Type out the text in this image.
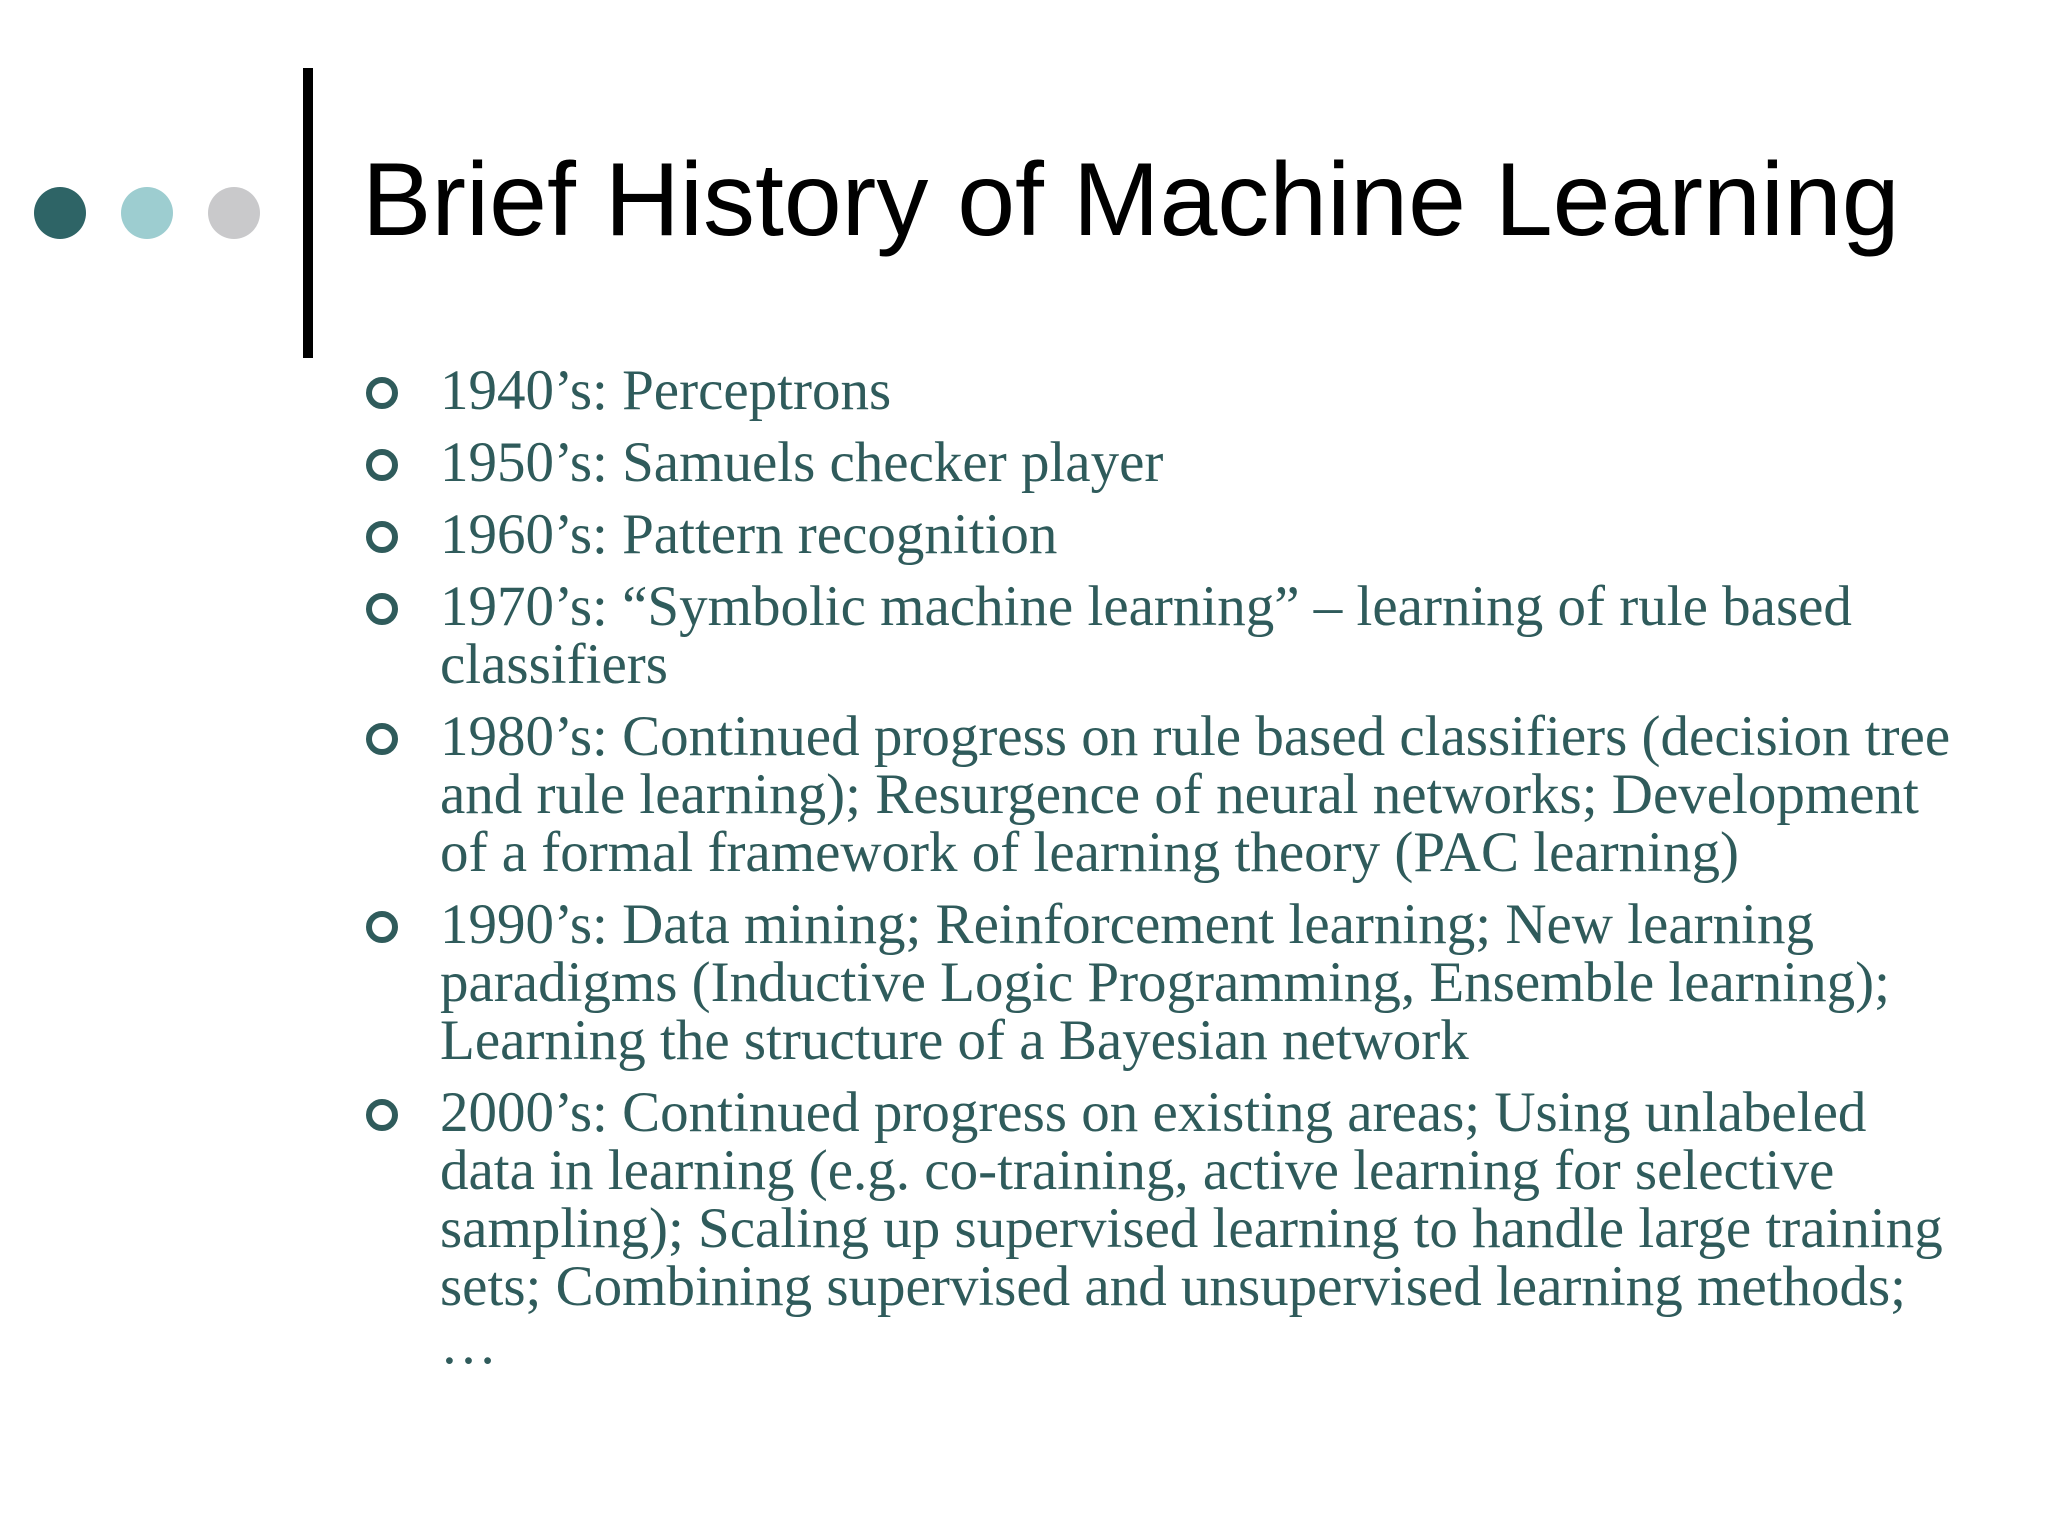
Brief History of Machine Learning
1940’s: Perceptrons
1950’s: Samuels checker player
1960’s: Pattern recognition
1970’s: “Symbolic machine learning” – learning of rule based classifiers
1980’s: Continued progress on rule based classifiers (decision tree and rule learning); Resurgence of neural networks; Development of a formal framework of learning theory (PAC learning)
1990’s: Data mining; Reinforcement learning; New learning paradigms (Inductive Logic Programming, Ensemble learning); Learning the structure of a Bayesian network
2000’s: Continued progress on existing areas; Using unlabeled data in learning (e.g. co-training, active learning for selective sampling); Scaling up supervised learning to handle large training sets; Combining supervised and unsupervised learning methods; …
